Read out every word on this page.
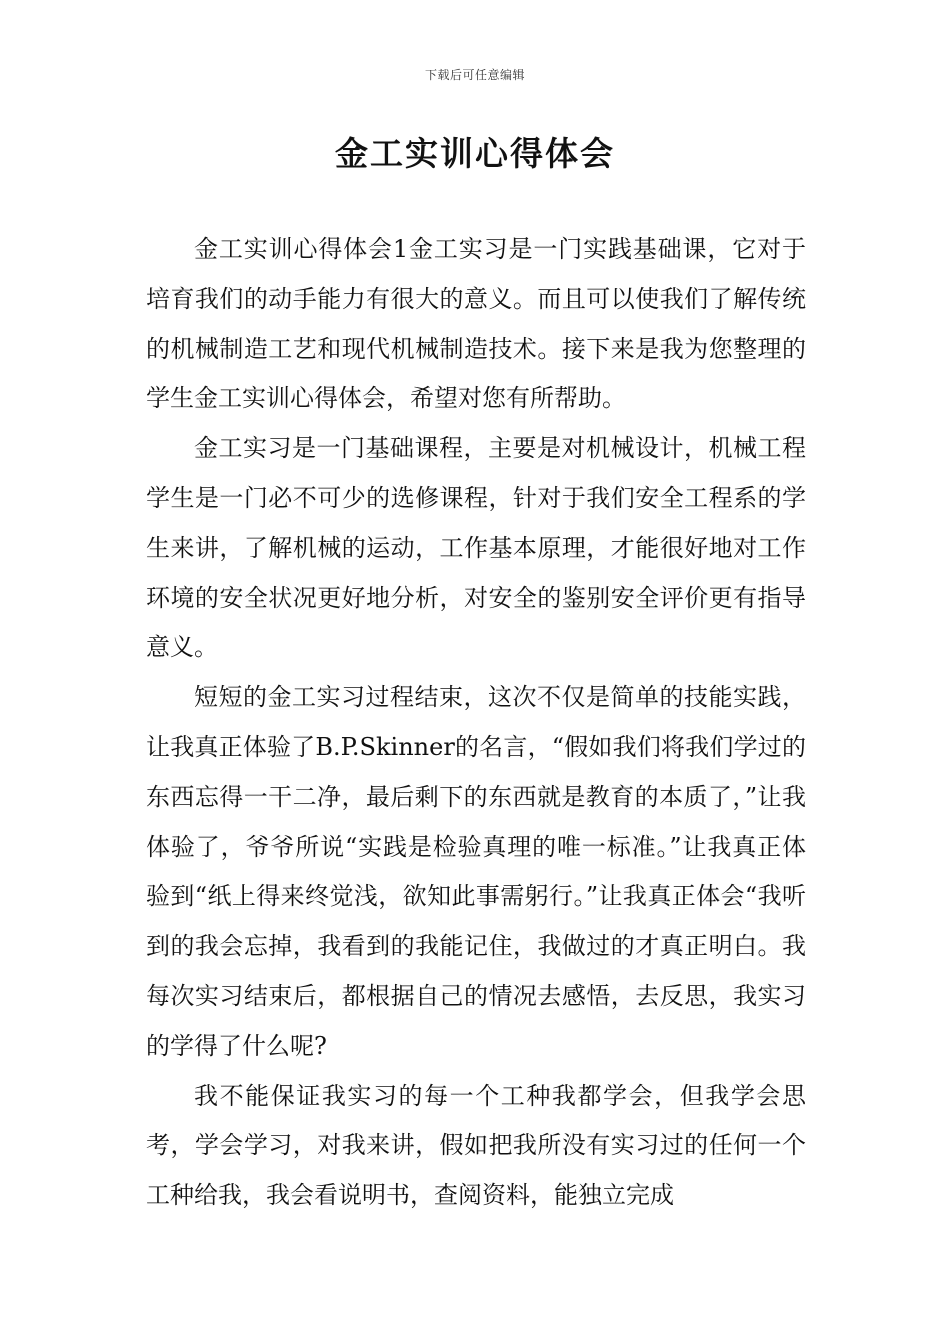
下载后可任意编辑
金工实训心得体会

金工实训心得体会1金工实习是一门实践基础课，它对于培育我们的动手能力有很大的意义。而且可以使我们了解传统的机械制造工艺和现代机械制造技术。接下来是我为您整理的学生金工实训心得体会，希望对您有所帮助。

金工实习是一门基础课程，主要是对机械设计，机械工程学生是一门必不可少的选修课程，针对于我们安全工程系的学生来讲，了解机械的运动，工作基本原理，才能很好地对工作环境的安全状况更好地分析，对安全的鉴别安全评价更有指导意义。

短短的金工实习过程结束，这次不仅是简单的技能实践，让我真正体验了B.P.Skinner的名言，“假如我们将我们学过的东西忘得一干二净，最后剩下的东西就是教育的本质了，”让我体验了，爷爷所说“实践是检验真理的唯一标准。”让我真正体验到“纸上得来终觉浅，欲知此事需躬行。”让我真正体会“我听到的我会忘掉，我看到的我能记住，我做过的才真正明白。我每次实习结束后，都根据自己的情况去感悟，去反思，我实习的学得了什么呢?

我不能保证我实习的每一个工种我都学会，但我学会思考，学会学习，对我来讲，假如把我所没有实习过的任何一个工种给我，我会看说明书，查阅资料，能独立完成
